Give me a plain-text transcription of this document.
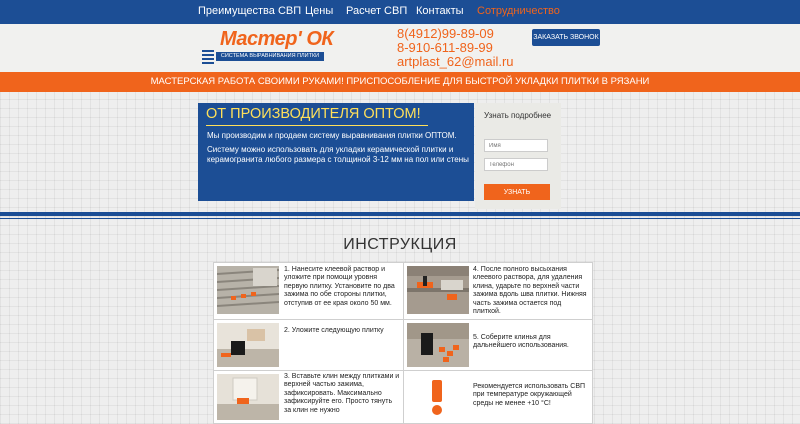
Преимущества СВП Цены Расчет СВП Контакты Сотрудничество
Мастер' ОК
СИСТЕМА ВЫРАВНИВАНИЯ ПЛИТКИ
8(4912)99-89-09
8-910-611-89-99
artplast_62@mail.ru
ЗАКАЗАТЬ ЗВОНОК
МАСТЕРСКАЯ РАБОТА СВОИМИ РУКАМИ! ПРИСПОСОБЛЕНИЕ ДЛЯ БЫСТРОЙ УКЛАДКИ ПЛИТКИ В РЯЗАНИ
ОТ ПРОИЗВОДИТЕЛЯ ОПТОМ!

Мы производим и продаем систему выравнивания плитки ОПТОМ.

Систему можно использовать для укладки керамической плитки и керамогранита любого размера с толщиной 3-12 мм на пол или стены

Узнать подробнее
Имя
Телефон
УЗНАТЬ
ИНСТРУКЦИЯ
1. Нанесите клеевой раствор и уложите при помощи уровня первую плитку. Установите по два зажима по обе стороны плитки, отступив от ее края около 50 мм.
4. После полного высыхания клеевого раствора, для удаления клина, ударьте по верхней части зажима вдоль шва плитки. Нижняя часть зажима остается под плиткой.
2. Уложите следующую плитку
5. Соберите клинья для дальнейшего использования.
3. Вставьте клин между плитками и верхней частью зажима, зафиксировать. Максимально зафиксируйте его. Просто тянуть за клин не нужно
Рекомендуется использовать СВП при температуре окружающей среды не менее +10 °С!
